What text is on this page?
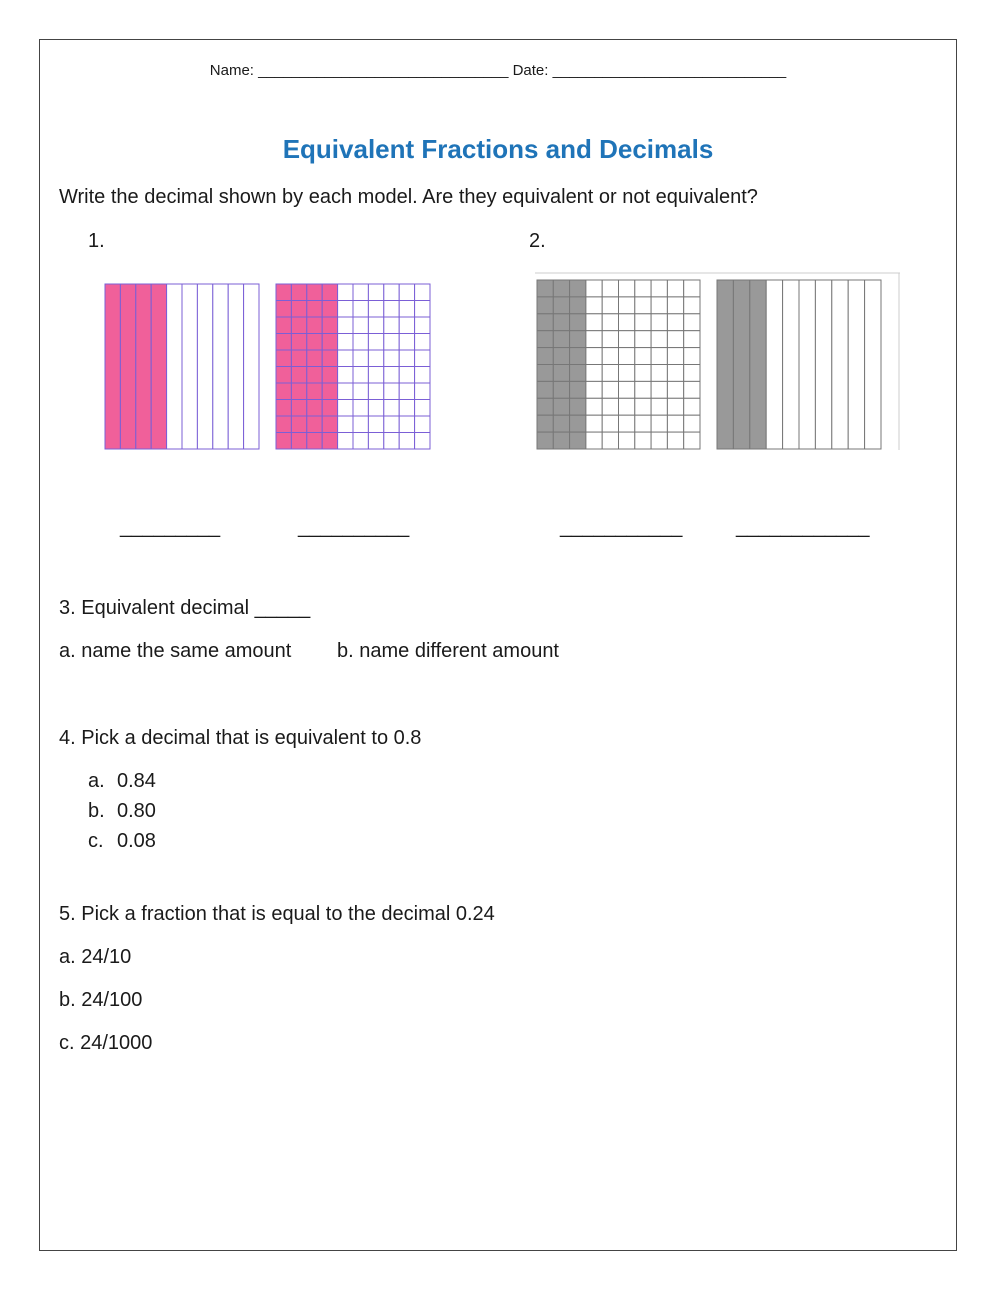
Name: ______________________________ Date: ____________________________
Equivalent Fractions and Decimals
Write the decimal shown by each model. Are they equivalent or not equivalent?
1.	2.
_________	__________	___________	____________
3. Equivalent decimal _____
a. name the same amount b. name different amount
4. Pick a decimal that is equivalent to 0.8
a. 0.84
b. 0.80
c. 0.08
5. Pick a fraction that is equal to the decimal 0.24
a. 24/10
b. 24/100
c. 24/1000
